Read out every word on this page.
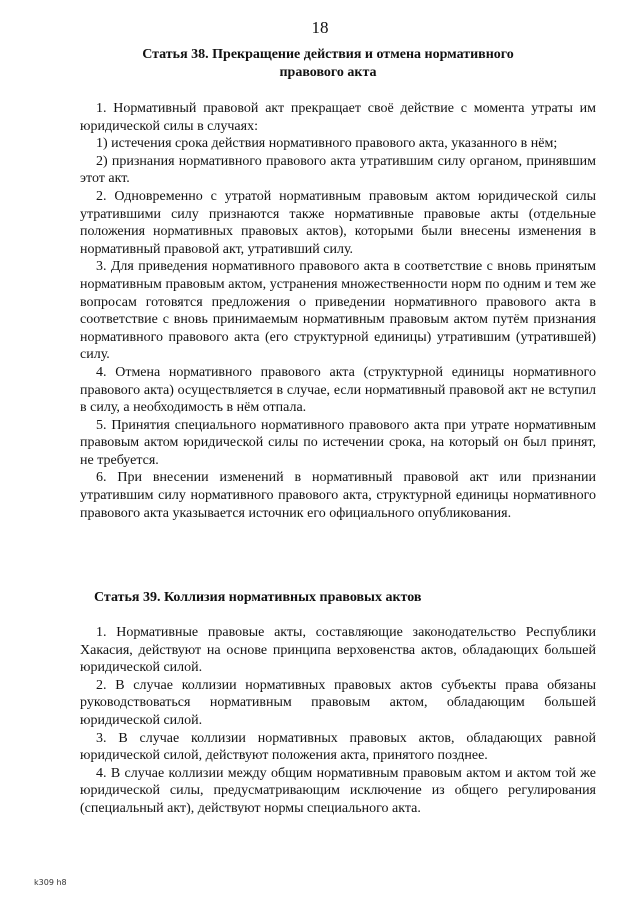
18
Статья 38. Прекращение действия и отмена нормативного
правового акта

1. Нормативный правовой акт прекращает своё действие с момента утраты им юридической силы в случаях:

1) истечения срока действия нормативного правового акта, указанного в нём;

2) признания нормативного правового акта утратившим силу органом, принявшим этот акт.

2. Одновременно с утратой нормативным правовым актом юридической силы утратившими силу признаются также нормативные правовые акты (отдельные положения нормативных правовых актов), которыми были внесены изменения в нормативный правовой акт, утративший силу.

3. Для приведения нормативного правового акта в соответствие с вновь принятым нормативным правовым актом, устранения множественности норм по одним и тем же вопросам готовятся предложения о приведении нормативного правового акта в соответствие с вновь принимаемым нормативным правовым актом путём признания нормативного правового акта (его структурной единицы) утратившим (утратившей) силу.

4. Отмена нормативного правового акта (структурной единицы нормативного правового акта) осуществляется в случае, если нормативный правовой акт не вступил в силу, а необходимость в нём отпала.

5. Принятия специального нормативного правового акта при утрате нормативным правовым актом юридической силы по истечении срока, на который он был принят, не требуется.

6. При внесении изменений в нормативный правовой акт или признании утратившим силу нормативного правового акта, структурной единицы нормативного правового акта указывается источник его официального опубликования.

Статья 39. Коллизия нормативных правовых актов

1. Нормативные правовые акты, составляющие законодательство Республики Хакасия, действуют на основе принципа верховенства актов, обладающих большей юридической силой.

2. В случае коллизии нормативных правовых актов субъекты права обязаны руководствоваться нормативным правовым актом, обладающим большей юридической силой.

3. В случае коллизии нормативных правовых актов, обладающих равной юридической силой, действуют положения акта, принятого позднее.

4. В случае коллизии между общим нормативным правовым актом и актом той же юридической силы, предусматривающим исключение из общего регулирования (специальный акт), действуют нормы специального акта.

k309 h8
